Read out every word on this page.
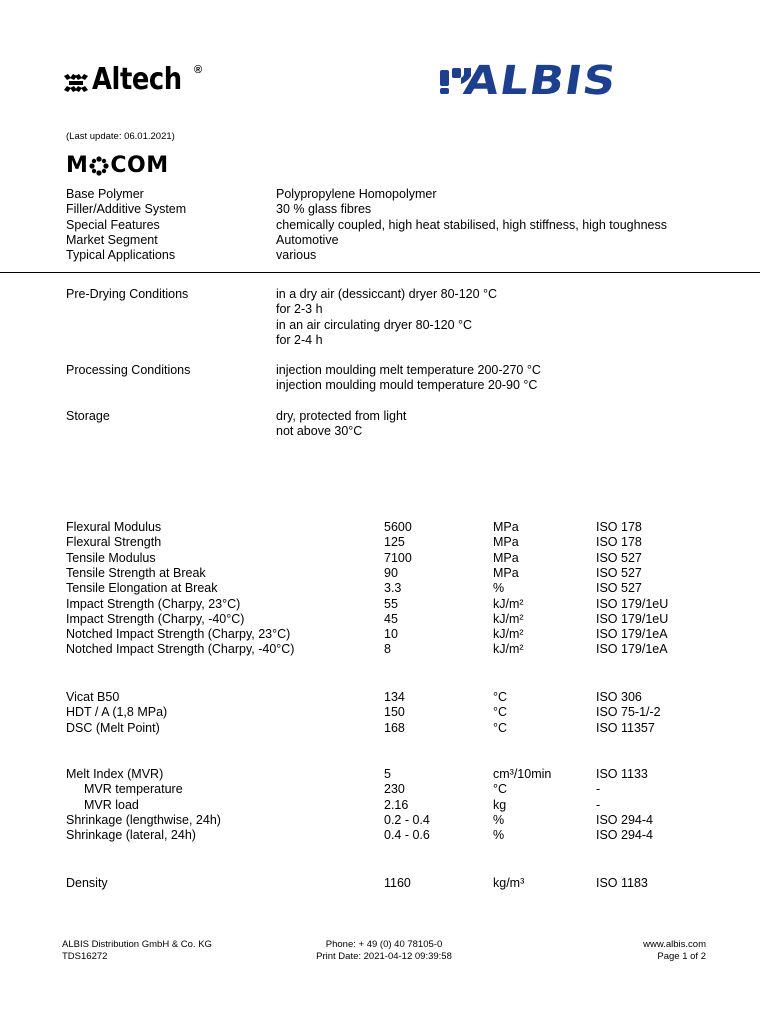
Altech ®	ALBIS
(Last update: 06.01.2021)
M COM
Base Polymer	Polypropylene Homopolymer
Filler/Additive System	30 % glass fibres
Special Features	chemically coupled, high heat stabilised, high stiffness, high toughness
Market Segment	Automotive
Typical Applications	various
Pre-Drying Conditions	in a dry air (dessiccant) dryer 80-120 °C
for 2-3 h
in an air circulating dryer 80-120 °C
for 2-4 h
Processing Conditions	injection moulding melt temperature 200-270 °C
injection moulding mould temperature 20-90 °C
Storage	dry, protected from light
not above 30°C
Flexural Modulus	5600	MPa	ISO 178
Flexural Strength	125	MPa	ISO 178
Tensile Modulus	7100	MPa	ISO 527
Tensile Strength at Break	90	MPa	ISO 527
Tensile Elongation at Break	3.3	%	ISO 527
Impact Strength (Charpy, 23°C)	55	kJ/m²	ISO 179/1eU
Impact Strength (Charpy, -40°C)	45	kJ/m²	ISO 179/1eU
Notched Impact Strength (Charpy, 23°C)	10	kJ/m²	ISO 179/1eA
Notched Impact Strength (Charpy, -40°C)	8	kJ/m²	ISO 179/1eA
Vicat B50	134	°C	ISO 306
HDT / A (1,8 MPa)	150	°C	ISO 75-1/-2
DSC (Melt Point)	168	°C	ISO 11357
Melt Index (MVR)	5	cm³/10min	ISO 1133
MVR temperature	230	°C	-
MVR load	2.16	kg	-
Shrinkage (lengthwise, 24h)	0.2 - 0.4	%	ISO 294-4
Shrinkage (lateral, 24h)	0.4 - 0.6	%	ISO 294-4
Density	1160	kg/m³	ISO 1183
ALBIS Distribution GmbH & Co. KG
TDS16272
Phone: + 49 (0) 40 78105-0
Print Date: 2021-04-12 09:39:58
www.albis.com
Page 1 of 2
